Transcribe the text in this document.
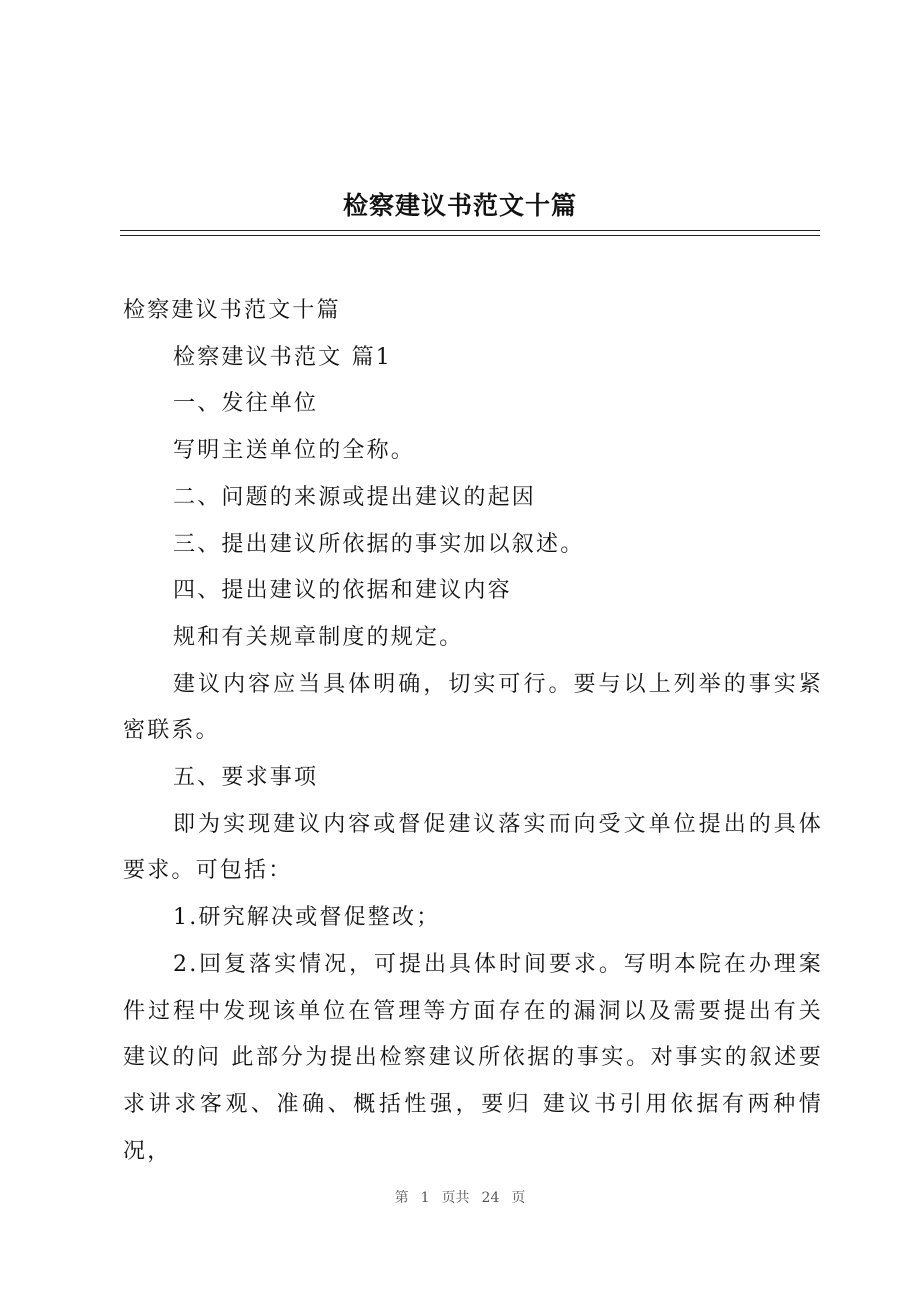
检察建议书范文十篇

检察建议书范文十篇

检察建议书范文 篇1

一、发往单位

写明主送单位的全称。

二、问题的来源或提出建议的起因

三、提出建议所依据的事实加以叙述。

四、提出建议的依据和建议内容

规和有关规章制度的规定。

建议内容应当具体明确，切实可行。要与以上列举的事实紧密联系。

五、要求事项

即为实现建议内容或督促建议落实而向受文单位提出的具体要求。可包括：

1.研究解决或督促整改；

2.回复落实情况，可提出具体时间要求。写明本院在办理案件过程中发现该单位在管理等方面存在的漏洞以及需要提出有关建议的问 此部分为提出检察建议所依据的事实。对事实的叙述要求讲求客观、准确、概括性强，要归 建议书引用依据有两种情况，

第 1 页共 24 页
